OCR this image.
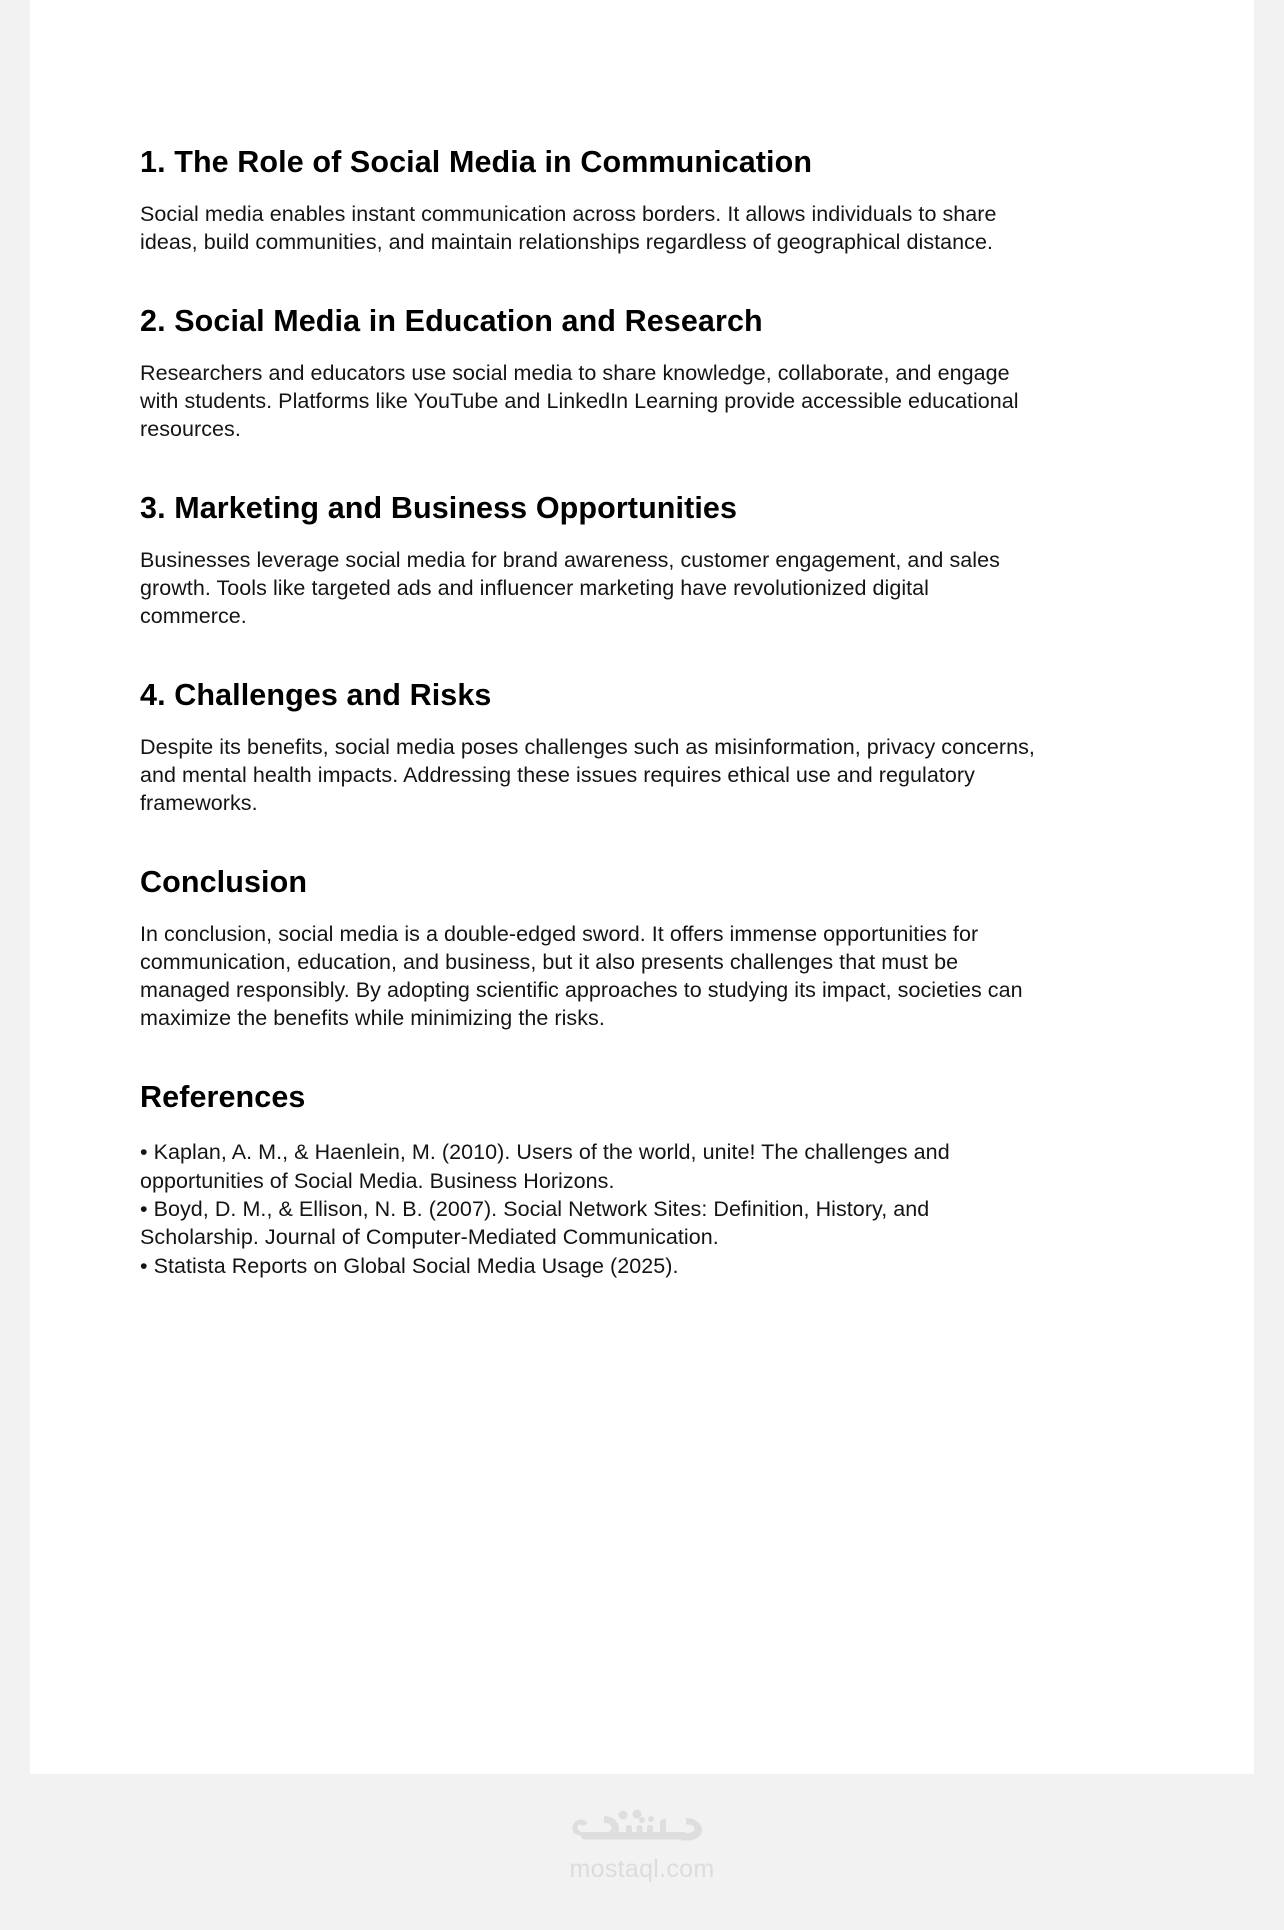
1. The Role of Social Media in Communication

Social media enables instant communication across borders. It allows individuals to share ideas, build communities, and maintain relationships regardless of geographical distance.

2. Social Media in Education and Research

Researchers and educators use social media to share knowledge, collaborate, and engage with students. Platforms like YouTube and LinkedIn Learning provide accessible educational resources.

3. Marketing and Business Opportunities

Businesses leverage social media for brand awareness, customer engagement, and sales growth. Tools like targeted ads and influencer marketing have revolutionized digital commerce.

4. Challenges and Risks

Despite its benefits, social media poses challenges such as misinformation, privacy concerns, and mental health impacts. Addressing these issues requires ethical use and regulatory frameworks.

Conclusion

In conclusion, social media is a double-edged sword. It offers immense opportunities for communication, education, and business, but it also presents challenges that must be managed responsibly. By adopting scientific approaches to studying its impact, societies can maximize the benefits while minimizing the risks.

References
• Kaplan, A. M., & Haenlein, M. (2010). Users of the world, unite! The challenges and opportunities of Social Media. Business Horizons.
• Boyd, D. M., & Ellison, N. B. (2007). Social Network Sites: Definition, History, and Scholarship. Journal of Computer-Mediated Communication.
• Statista Reports on Global Social Media Usage (2025).
mostaql.com
